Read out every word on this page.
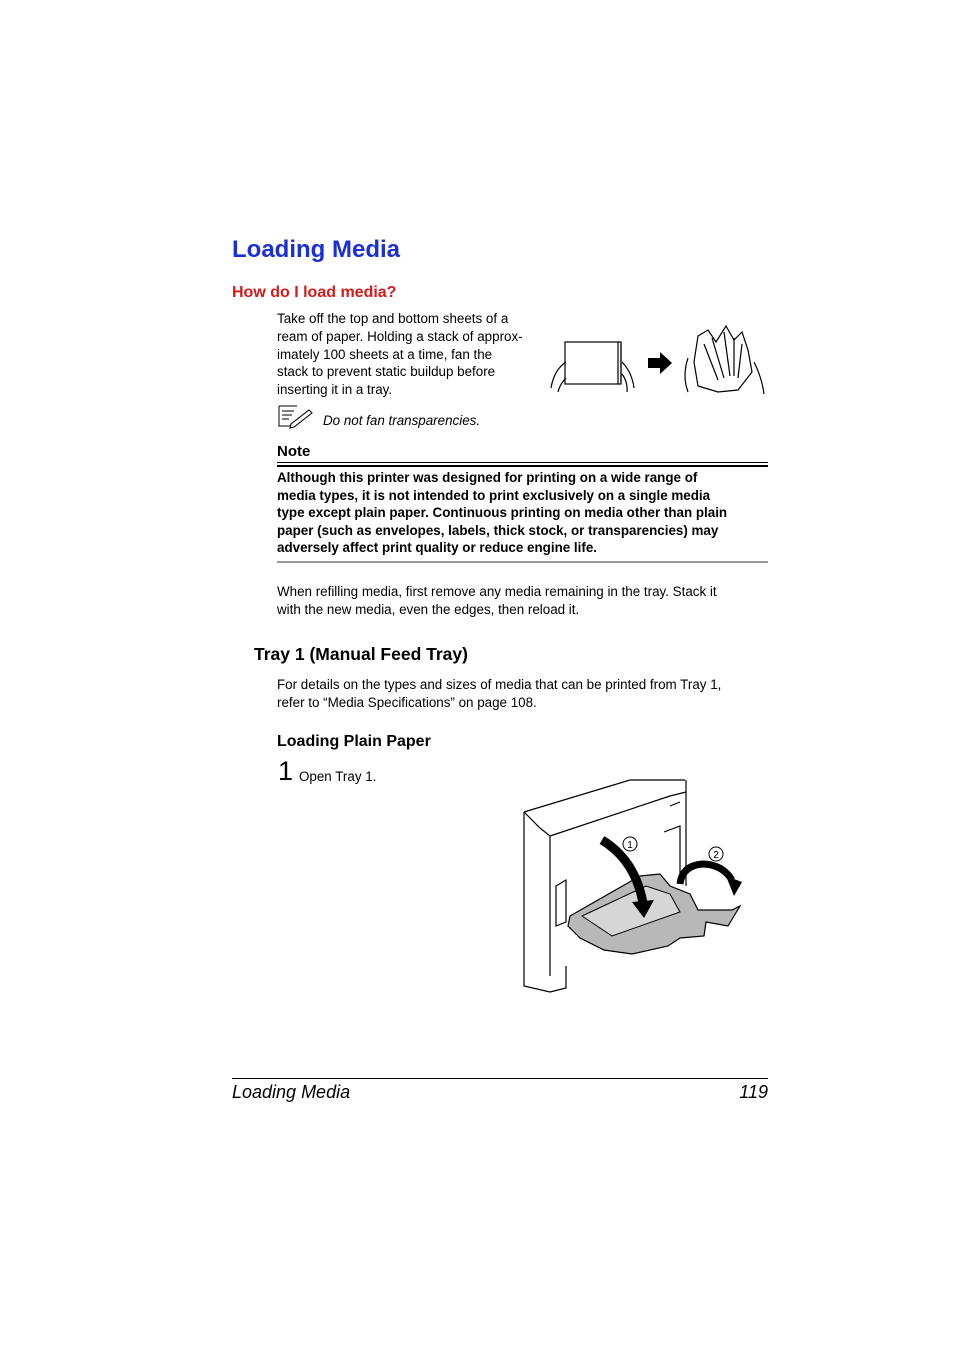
Loading Media
How do I load media?
Take off the top and bottom sheets of a
ream of paper. Holding a stack of approx-
imately 100 sheets at a time, fan the
stack to prevent static buildup before
inserting it in a tray.
Do not fan transparencies.
Note
Although this printer was designed for printing on a wide range of
media types, it is not intended to print exclusively on a single media
type except plain paper. Continuous printing on media other than plain
paper (such as envelopes, labels, thick stock, or transparencies) may
adversely affect print quality or reduce engine life.
When refilling media, first remove any media remaining in the tray. Stack it
with the new media, even the edges, then reload it.
Tray 1 (Manual Feed Tray)
For details on the types and sizes of media that can be printed from Tray 1,
refer to “Media Specifications” on page 108.
Loading Plain Paper
1 Open Tray 1.
1
2
Loading Media	119
